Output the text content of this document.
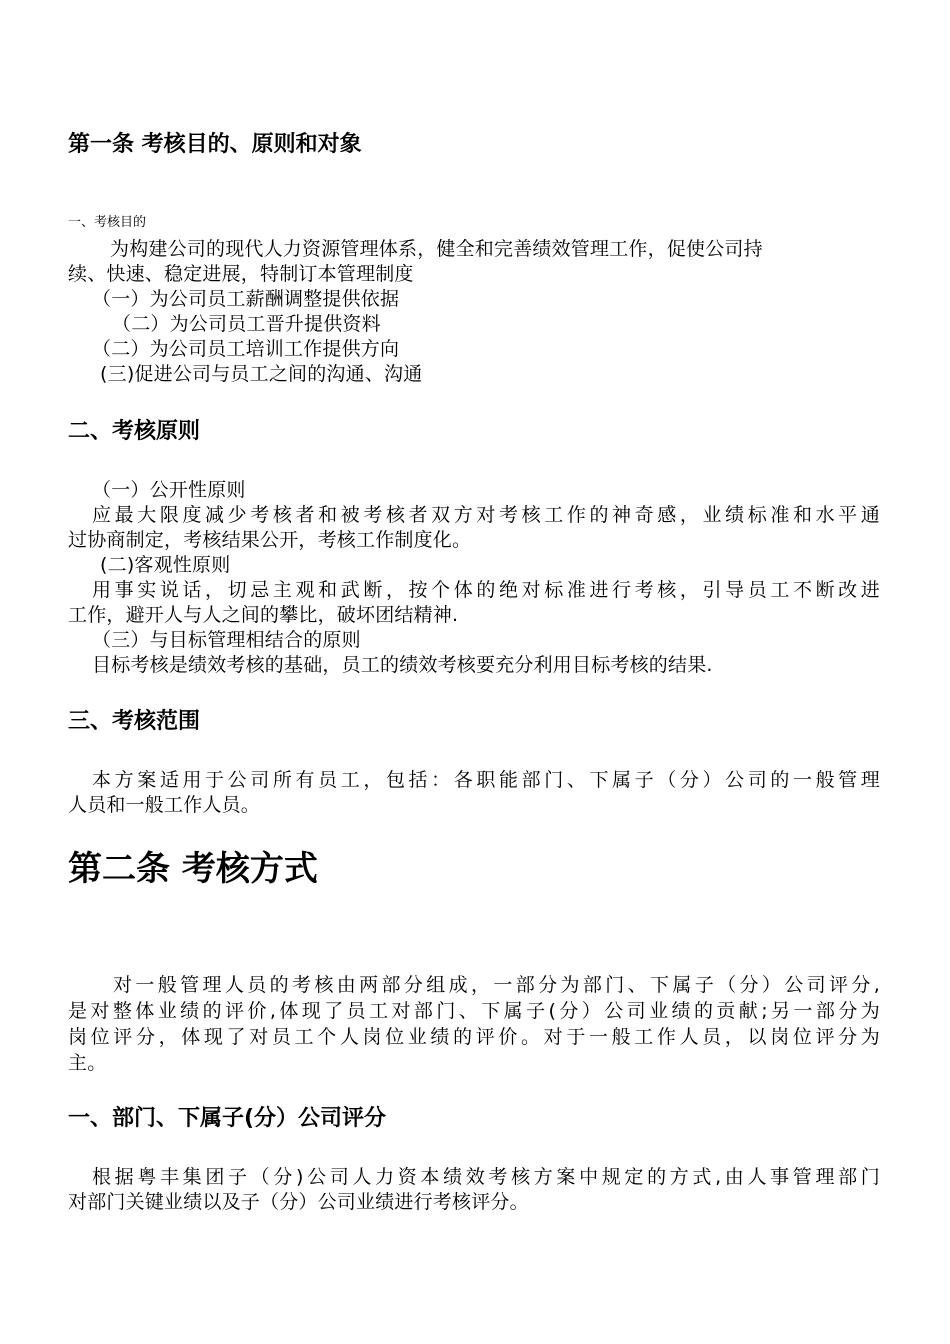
第一条 考核目的、原则和对象

一、考核目的

为构建公司的现代人力资源管理体系，健全和完善绩效管理工作，促使公司持

续、快速、稳定进展，特制订本管理制度

（一）为公司员工薪酬调整提供依据

（二）为公司员工晋升提供资料

（二）为公司员工培训工作提供方向

(三)促进公司与员工之间的沟通、沟通

二、考核原则

（一）公开性原则

应最大限度减少考核者和被考核者双方对考核工作的神奇感，业绩标准和水平通

过协商制定，考核结果公开，考核工作制度化。

(二)客观性原则

用事实说话，切忌主观和武断，按个体的绝对标准进行考核，引导员工不断改进

工作，避开人与人之间的攀比，破坏团结精神.

（三）与目标管理相结合的原则

目标考核是绩效考核的基础，员工的绩效考核要充分利用目标考核的结果.

三、考核范围

本方案适用于公司所有员工，包括：各职能部门、下属子（分）公司的一般管理

人员和一般工作人员。

第二条 考核方式

对一般管理人员的考核由两部分组成，一部分为部门、下属子（分）公司评分,

是对整体业绩的评价,体现了员工对部门、下属子(分）公司业绩的贡献;另一部分为

岗位评分，体现了对员工个人岗位业绩的评价。对于一般工作人员，以岗位评分为

主。

一、部门、下属子(分）公司评分

根据粤丰集团子（分)公司人力资本绩效考核方案中规定的方式,由人事管理部门

对部门关键业绩以及子（分）公司业绩进行考核评分。
